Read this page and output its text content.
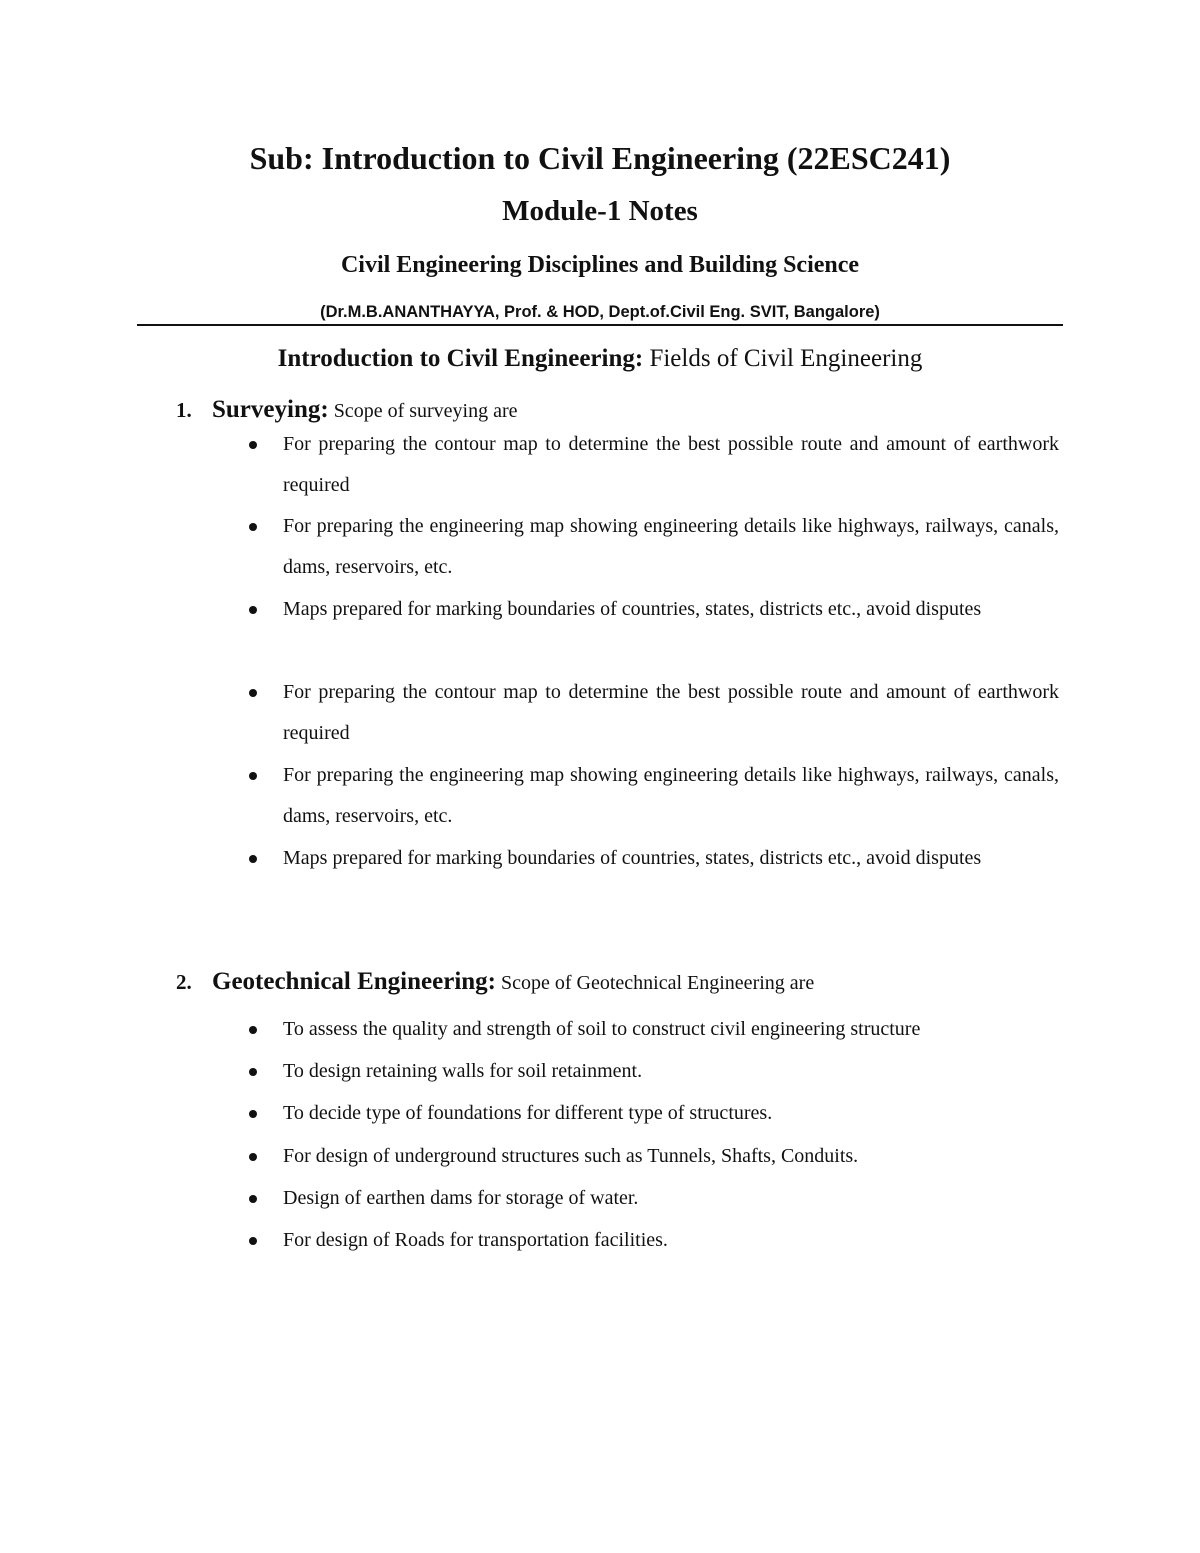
Sub: Introduction to Civil Engineering (22ESC241)
Module-1 Notes
Civil Engineering Disciplines and Building Science
(Dr.M.B.ANANTHAYYA, Prof. & HOD, Dept.of.Civil Eng. SVIT, Bangalore)
Introduction to Civil Engineering: Fields of Civil Engineering
1. Surveying: Scope of surveying are
For preparing the contour map to determine the best possible route and amount of earthwork required
For preparing the engineering map showing engineering details like highways, railways, canals, dams, reservoirs, etc.
Maps prepared for marking boundaries of countries, states, districts etc., avoid disputes
For preparing the contour map to determine the best possible route and amount of earthwork required
For preparing the engineering map showing engineering details like highways, railways, canals, dams, reservoirs, etc.
Maps prepared for marking boundaries of countries, states, districts etc., avoid disputes
2. Geotechnical Engineering: Scope of Geotechnical Engineering are
To assess the quality and strength of soil to construct civil engineering structure
To design retaining walls for soil retainment.
To decide type of foundations for different type of structures.
For design of underground structures such as Tunnels, Shafts, Conduits.
Design of earthen dams for storage of water.
For design of Roads for transportation facilities.
